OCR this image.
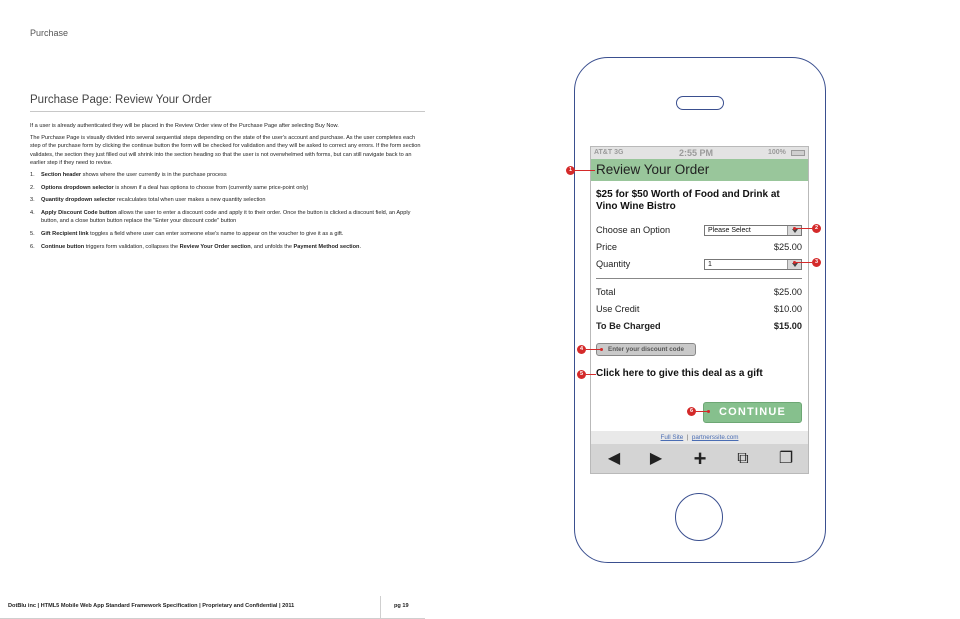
Purchase
Purchase Page: Review Your Order

If a user is already authenticated they will be placed in the Review Order view of the Purchase Page after selecting Buy Now.

The Purchase Page is visually divided into several sequential steps depending on the state of the user's account and purchase. As the user completes each step of the purchase form by clicking the continue button the form will be checked for validation and they will be asked to correct any errors. If the form section validates, the section they just filled out will shrink into the section heading so that the user is not overwhelmed with forms, but can still navigate back to an earlier step if they need to revise.

1. Section header shows where the user currently is in the purchase process
2. Options dropdown selector is shown if a deal has options to choose from (currently same price-point only)
3. Quantity dropdown selector recalculates total when user makes a new quantity selection
4. Apply Discount Code button allows the user to enter a discount code and apply it to their order. Once the button is clicked a discount field, an Apply button, and a close button button replace the "Enter your discount code" button
5. Gift Recipient link toggles a field where user can enter someone else's name to appear on the voucher to give it as a gift.
6. Continue button triggers form validation, collapses the Review Your Order section, and unfolds the Payment Method section.
DotBlu inc | HTML5 Mobile Web App Standard Framework Specification | Proprietary and Confidential | 2011	pg 19
AT&T 3G	2:55 PM	100%
Review Your Order
$25 for $50 Worth of Food and Drink at Vino Wine Bistro
Choose an Option	Please Select
Price	$25.00
Quantity	1
Total	$25.00
Use Credit	$10.00
To Be Charged	$15.00
Enter your discount code
Click here to give this deal as a gift
CONTINUE
Full Site | partnerssite.com
◀	▶	+	⧉	❐
1
2
3
4
5
6
